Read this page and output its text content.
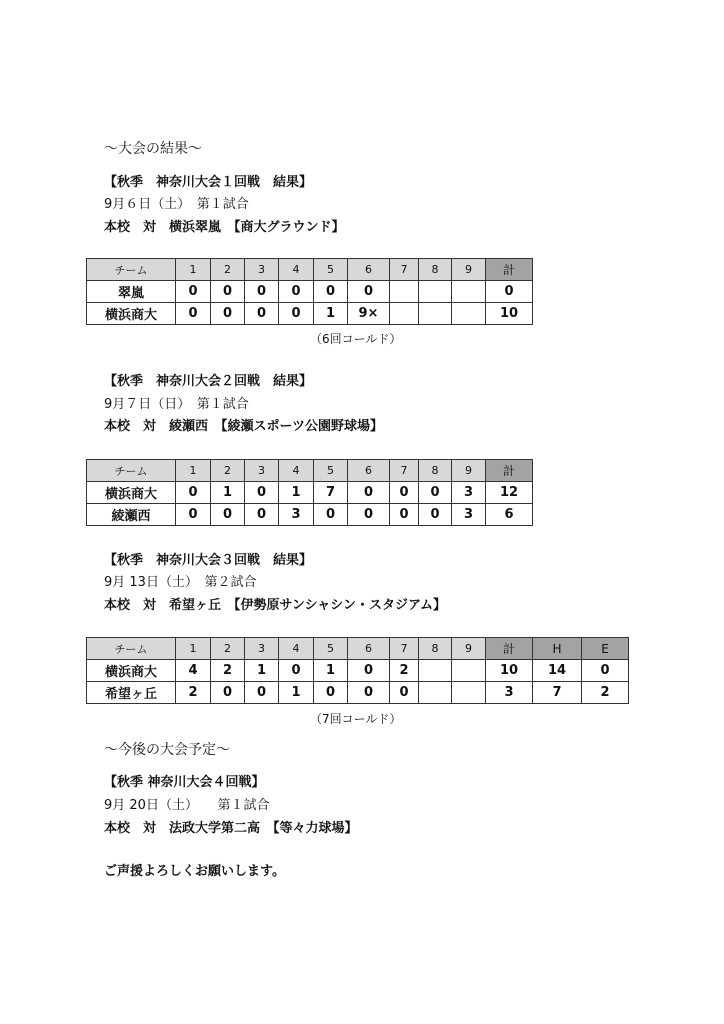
～大会の結果～
【秋季　神奈川大会１回戦　結果】
9月６日（土）　第１試合
本校　対　横浜翠嵐　【商大グラウンド】
チーム	1	2	3	4	5	6	7	8	9	計
翠嵐	0	0	0	0	0	0				0
横浜商大	0	0	0	0	1	9×				10
（6回コールド）
【秋季　神奈川大会２回戦　結果】
9月７日（日）　第１試合
本校　対　綾瀬西　【綾瀬スポーツ公園野球場】
チーム	1	2	3	4	5	6	7	8	9	計
横浜商大	0	1	0	1	7	0	0	0	3	12
綾瀬西	0	0	0	3	0	0	0	0	3	6
【秋季　神奈川大会３回戦　結果】
9月 13日（土）　第２試合
本校　対　希望ヶ丘　【伊勢原サンシャシン・スタジアム】
チーム	1	2	3	4	5	6	7	8	9	計	H	E
横浜商大	4	2	1	0	1	0	2			10	14	0
希望ヶ丘	2	0	0	1	0	0	0			3	7	2
（7回コールド）
～今後の大会予定～
【秋季 神奈川大会４回戦】
9月 20日（土）　　第１試合
本校　対　法政大学第二高　【等々力球場】
ご声援よろしくお願いします。
